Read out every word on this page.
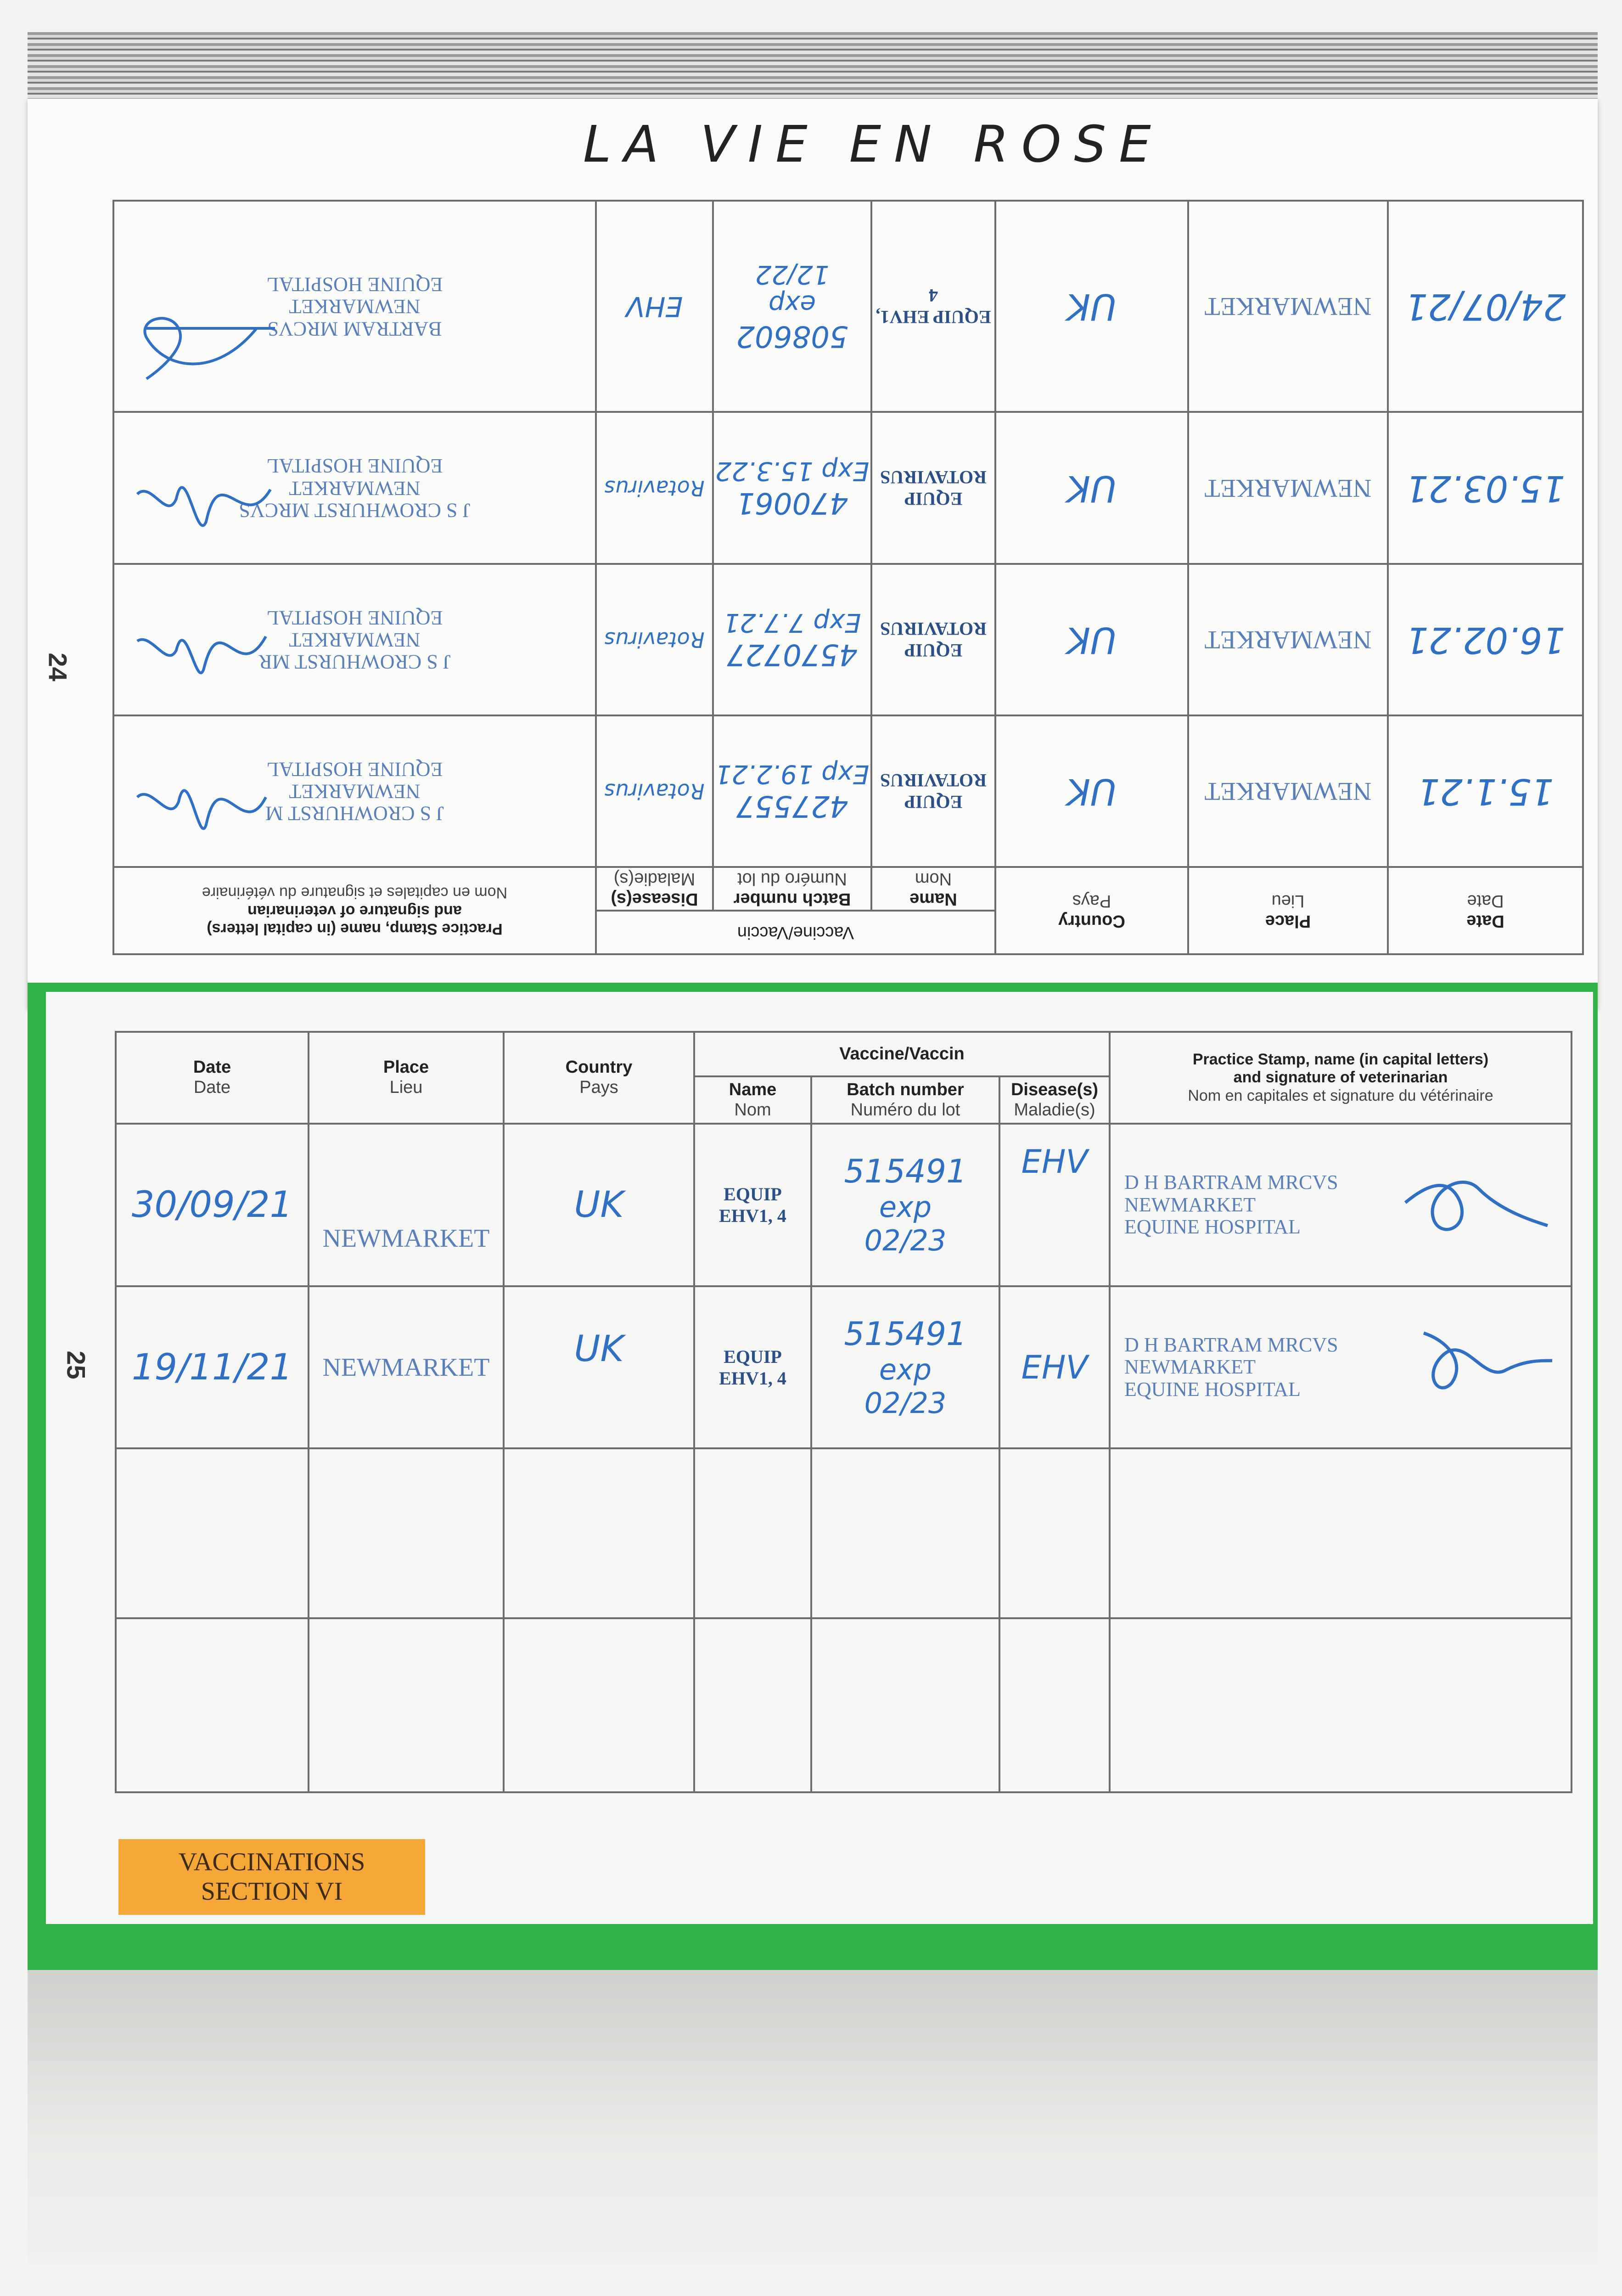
LA VIE EN ROSE
24
Date
Date	Place
Lieu	Country
Pays	Vaccine/Vaccin			Practice Stamp, name (in capital letters)
and signature of veterinarian
Nom en capitales et signature du vétérinaire

			Name
Nom	Batch number
Numéro du lot	Disease(s)
Maladie(s)	

15.1.21	NEWMARKET	UK	EQUIP ROTAVIRUS	427557
Exp 19.2.21	Rotavirus	J S CROWHURST M
NEWMARKET
EQUINE HOSPITAL

16.02.21	NEWMARKET	UK	EQUIP ROTAVIRUS	4570727
Exp 7.7.21	Rotavirus	J S CROWHURST MR
NEWMARKET
EQUINE HOSPITAL

15.03.21	NEWMARKET	UK	EQUIP ROTAVIRUS	470061
Exp 15.3.22	Rotavirus	J S CROWHURST MRCVS
NEWMARKET
EQUINE HOSPITAL

24/07/21	NEWMARKET	UK	EQUIP EHV1, 4	508602
exp
12/22	EHV	BARTRAM MRCVS
NEWMARKET
EQUINE HOSPITAL
25
Date
Date	Place
Lieu	Country
Pays	Vaccine/Vaccin			Practice Stamp, name (in capital letters)
and signature of veterinarian
Nom en capitales et signature du vétérinaire

			Name
Nom	Batch number
Numéro du lot	Disease(s)
Maladie(s)	

30/09/21	NEWMARKET	UK	EQUIP EHV1, 4	515491
exp
02/23	EHV	D H BARTRAM MRCVS
NEWMARKET
EQUINE HOSPITAL

19/11/21	NEWMARKET	UK	EQUIP EHV1, 4	515491
exp
02/23	EHV	D H BARTRAM MRCVS
NEWMARKET
EQUINE HOSPITAL

VACCINATIONS
SECTION VI
